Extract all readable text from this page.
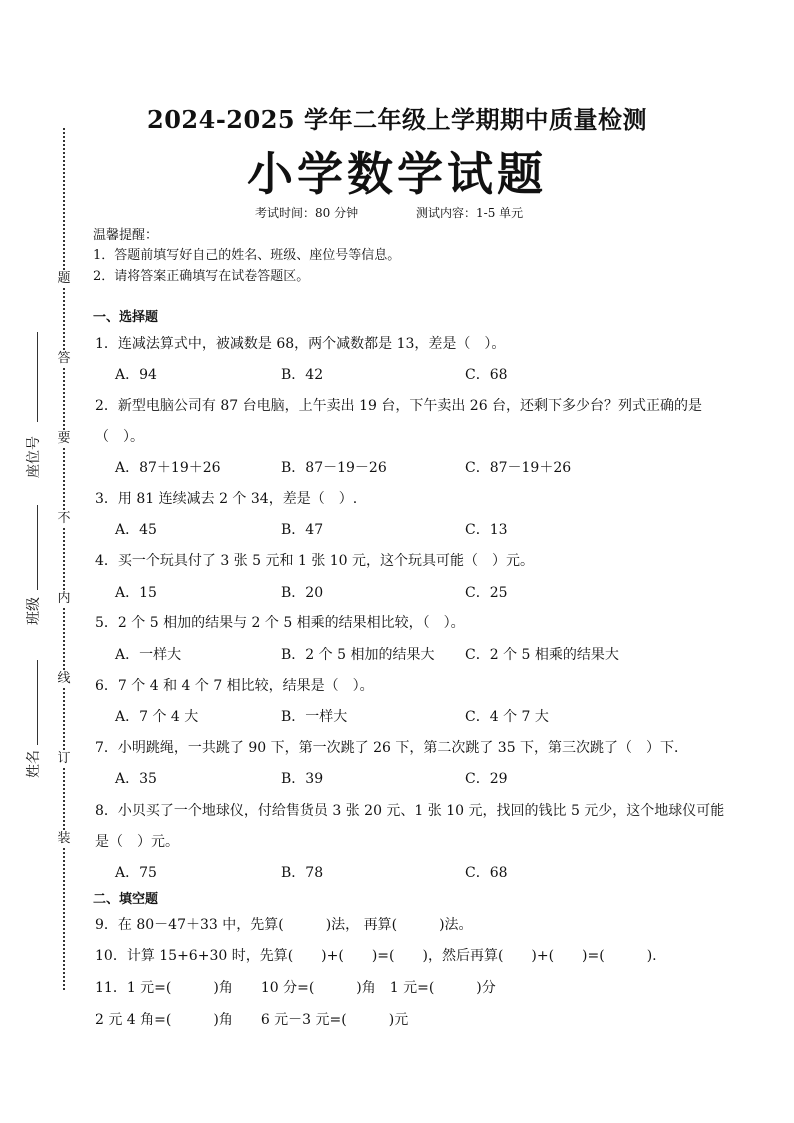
题
答
要
不
内
线
订
装
座位号
班级
姓名
2024-2025 学年二年级上学期期中质量检测
小学数学试题
考试时间：80 分钟	测试内容：1-5 单元
温馨提醒：
1．答题前填写好自己的姓名、班级、座位号等信息。
2．请将答案正确填写在试卷答题区。
一、选择题
1．连减法算式中，被减数是 68，两个减数都是 13，差是（　）。
A．94	B．42	C．68
2．新型电脑公司有 87 台电脑，上午卖出 19 台，下午卖出 26 台，还剩下多少台？列式正确的是
（　）。
A．87＋19＋26	B．87－19－26	C．87－19＋26
3．用 81 连续减去 2 个 34，差是（　）.
A．45	B．47	C．13
4．买一个玩具付了 3 张 5 元和 1 张 10 元，这个玩具可能（　）元。
A．15	B．20	C．25
5．2 个 5 相加的结果与 2 个 5 相乘的结果相比较，（　）。
A．一样大	B．2 个 5 相加的结果大 C．2 个 5 相乘的结果大
6．7 个 4 和 4 个 7 相比较，结果是（　）。
A．7 个 4 大	B．一样大	C．4 个 7 大
7．小明跳绳，一共跳了 90 下，第一次跳了 26 下，第二次跳了 35 下，第三次跳了（　）下．
A．35	B．39	C．29
8．小贝买了一个地球仪，付给售货员 3 张 20 元、1 张 10 元，找回的钱比 5 元少，这个地球仪可能
是（　）元。
A．75	B．78	C．68
二、填空题
9．在 80－47＋33 中，先算(　　　)法， 再算(　　　)法。
10．计算 15+6+30 时，先算(　　)+(　　)=(　　)，然后再算(　　)+(　　)=(　　　).
11．1 元=(　　　)角　　10 分=(　　　)角　1 元=(　　　)分
2 元 4 角=(　　　)角　　6 元－3 元=(　　　)元
